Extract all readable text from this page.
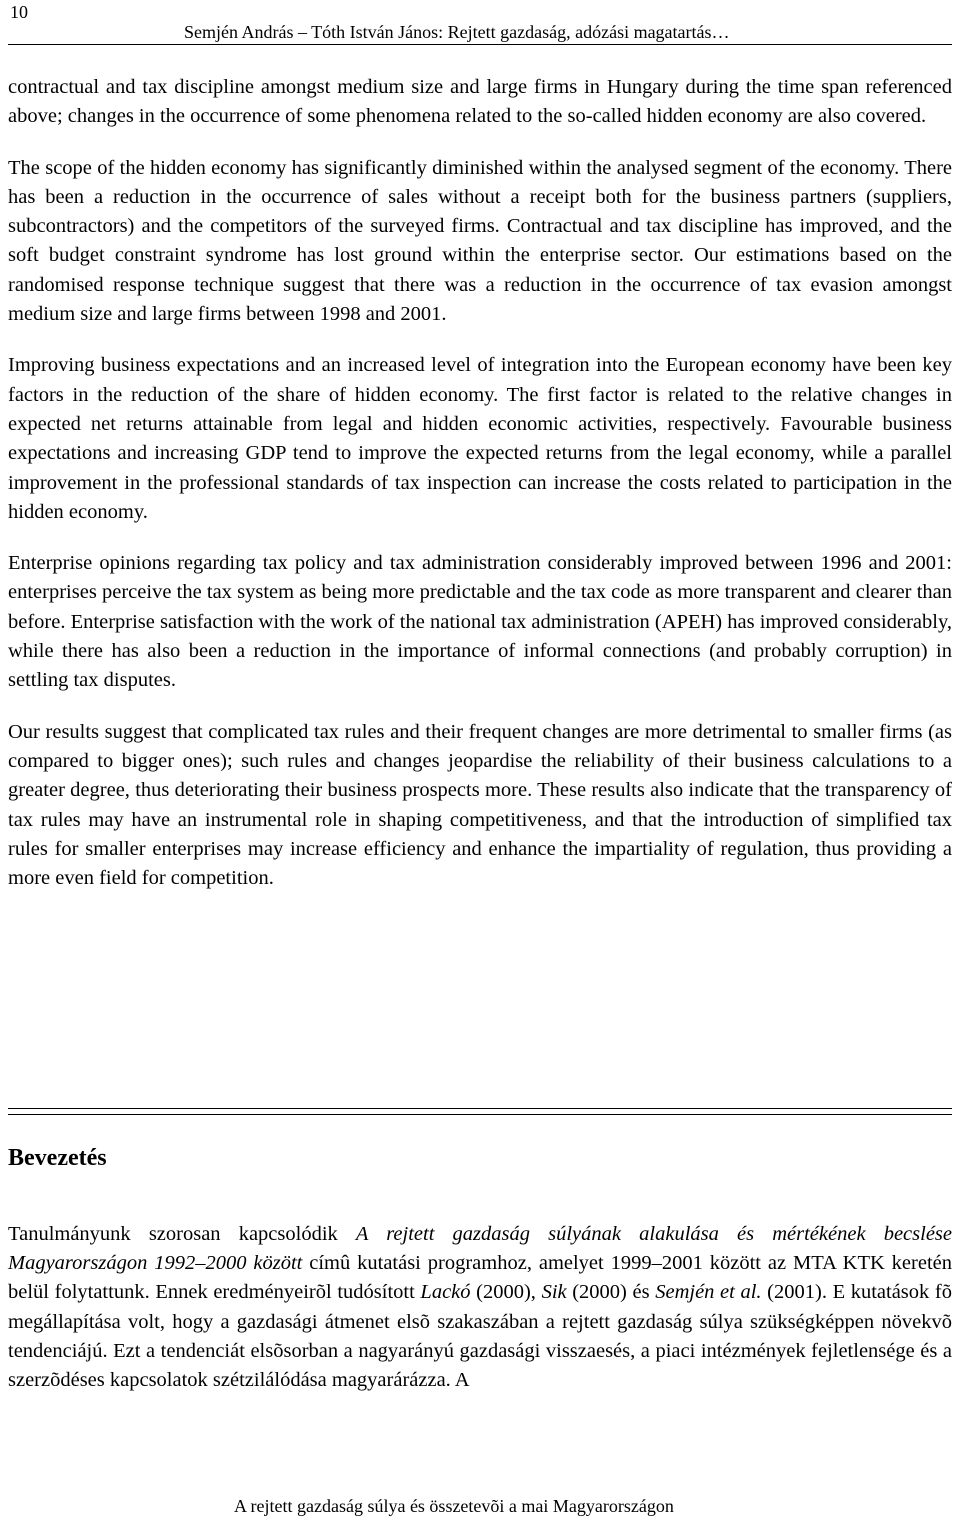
10
Semjén András – Tóth István János: Rejtett gazdaság, adózási magatartás…

contractual and tax discipline amongst medium size and large firms in Hungary during the time span referenced above; changes in the occurrence of some phenomena related to the so-called hidden economy are also covered.

The scope of the hidden economy has significantly diminished within the analysed segment of the economy. There has been a reduction in the occurrence of sales without a receipt both for the business partners (suppliers, subcontractors) and the competitors of the surveyed firms. Contractual and tax discipline has improved, and the soft budget constraint syndrome has lost ground within the enterprise sector. Our estimations based on the randomised response technique suggest that there was a reduction in the occurrence of tax evasion amongst medium size and large firms between 1998 and 2001.

Improving business expectations and an increased level of integration into the European economy have been key factors in the reduction of the share of hidden economy. The first factor is related to the relative changes in expected net returns attainable from legal and hidden economic activities, respectively. Favourable business expectations and increasing GDP tend to improve the expected returns from the legal economy, while a parallel improvement in the professional standards of tax inspection can increase the costs related to participation in the hidden economy.

Enterprise opinions regarding tax policy and tax administration considerably improved between 1996 and 2001: enterprises perceive the tax system as being more predictable and the tax code as more transparent and clearer than before. Enterprise satisfaction with the work of the national tax administration (APEH) has improved considerably, while there has also been a reduction in the importance of informal connections (and probably corruption) in settling tax disputes.

Our results suggest that complicated tax rules and their frequent changes are more detrimental to smaller firms (as compared to bigger ones); such rules and changes jeopardise the reliability of their business calculations to a greater degree, thus deteriorating their business prospects more. These results also indicate that the transparency of tax rules may have an instrumental role in shaping competitiveness, and that the introduction of simplified tax rules for smaller enterprises may increase efficiency and enhance the impartiality of regulation, thus providing a more even field for competition.

Bevezetés

Tanulmányunk szorosan kapcsolódik A rejtett gazdaság súlyának alakulása és mértékének becslése Magyarországon 1992–2000 között címû kutatási programhoz, amelyet 1999–2001 között az MTA KTK keretén belül folytattunk. Ennek eredményeirõl tudósított Lackó (2000), Sik (2000) és Semjén et al. (2001). E kutatások fõ megállapítása volt, hogy a gazdasági átmenet elsõ szakaszában a rejtett gazdaság súlya szükségképpen növekvõ tendenciájú. Ezt a tendenciát elsõsorban a nagyarányú gazdasági visszaesés, a piaci intézmények fejletlensége és a szerzõdéses kapcsolatok szétzilálódása magyarárázza. A

A rejtett gazdaság súlya és összetevõi a mai Magyarországon
